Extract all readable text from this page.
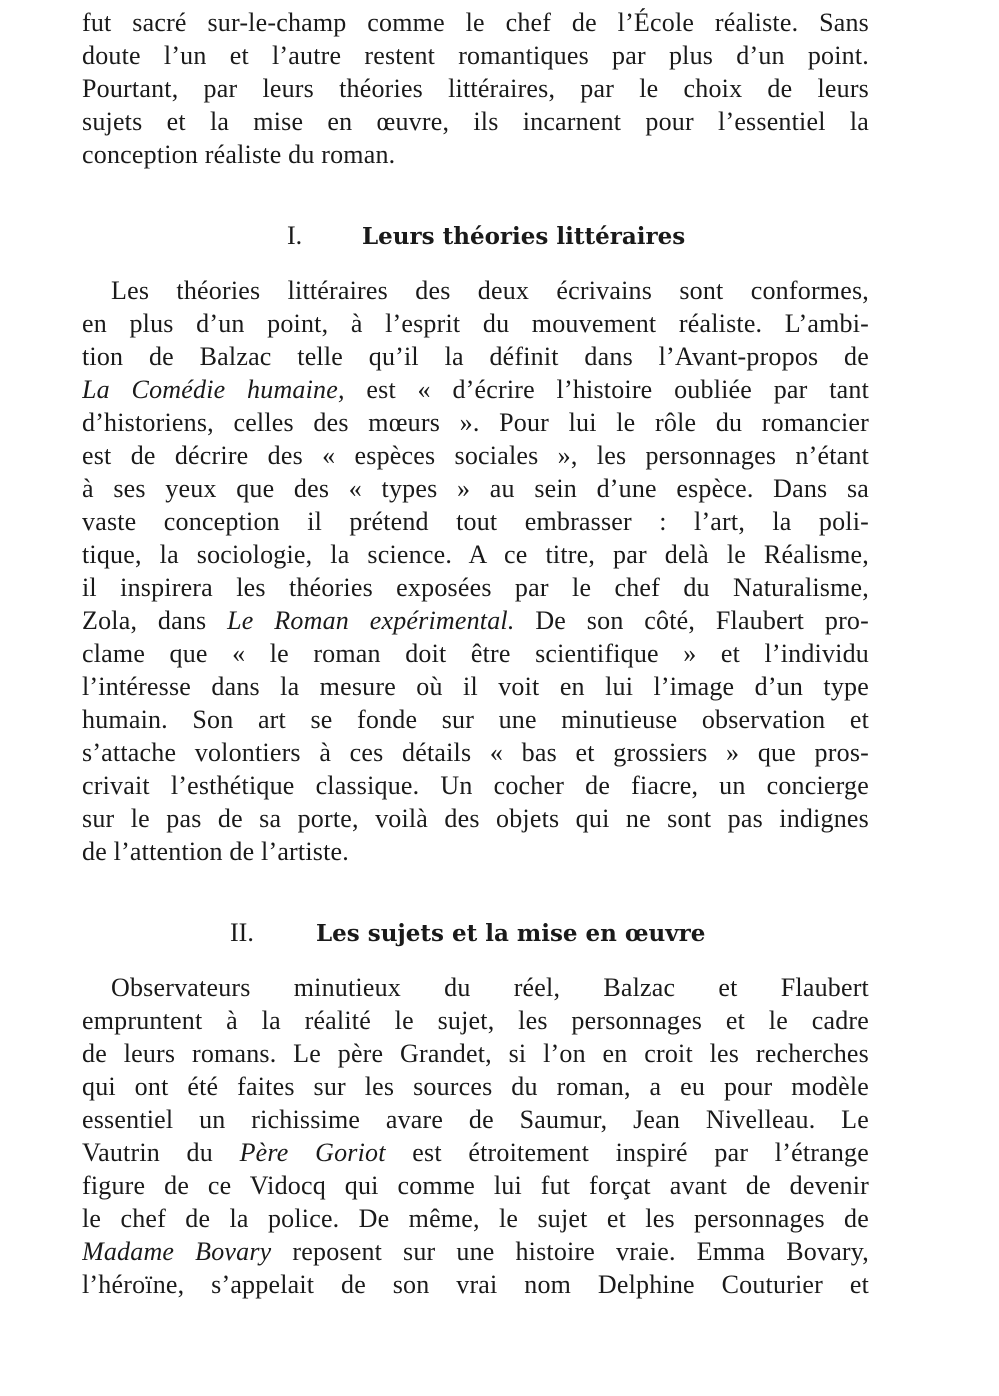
fut sacré sur-le-champ comme le chef de l’École réaliste. Sans
doute l’un et l’autre restent romantiques par plus d’un point.
Pourtant, par leurs théories littéraires, par le choix de leurs
sujets et la mise en œuvre, ils incarnent pour l’essentiel la
conception réaliste du roman.

I.	Leurs théories littéraires

Les théories littéraires des deux écrivains sont conformes,
en plus d’un point, à l’esprit du mouvement réaliste. L’ambi-
tion de Balzac telle qu’il la définit dans l’Avant-propos de
La Comédie humaine, est « d’écrire l’histoire oubliée par tant
d’historiens, celles des mœurs ». Pour lui le rôle du romancier
est de décrire des « espèces sociales », les personnages n’étant
à ses yeux que des « types » au sein d’une espèce. Dans sa
vaste conception il prétend tout embrasser : l’art, la poli-
tique, la sociologie, la science. A ce titre, par delà le Réalisme,
il inspirera les théories exposées par le chef du Naturalisme,
Zola, dans Le Roman expérimental. De son côté, Flaubert pro-
clame que « le roman doit être scientifique » et l’individu
l’intéresse dans la mesure où il voit en lui l’image d’un type
humain. Son art se fonde sur une minutieuse observation et
s’attache volontiers à ces détails « bas et grossiers » que pros-
crivait l’esthétique classique. Un cocher de fiacre, un concierge
sur le pas de sa porte, voilà des objets qui ne sont pas indignes
de l’attention de l’artiste.

II.	Les sujets et la mise en œuvre

Observateurs minutieux du réel, Balzac et Flaubert
empruntent à la réalité le sujet, les personnages et le cadre
de leurs romans. Le père Grandet, si l’on en croit les recherches
qui ont été faites sur les sources du roman, a eu pour modèle
essentiel un richissime avare de Saumur, Jean Nivelleau. Le
Vautrin du Père Goriot est étroitement inspiré par l’étrange
figure de ce Vidocq qui comme lui fut forçat avant de devenir
le chef de la police. De même, le sujet et les personnages de
Madame Bovary reposent sur une histoire vraie. Emma Bovary,
l’héroïne, s’appelait de son vrai nom Delphine Couturier et
